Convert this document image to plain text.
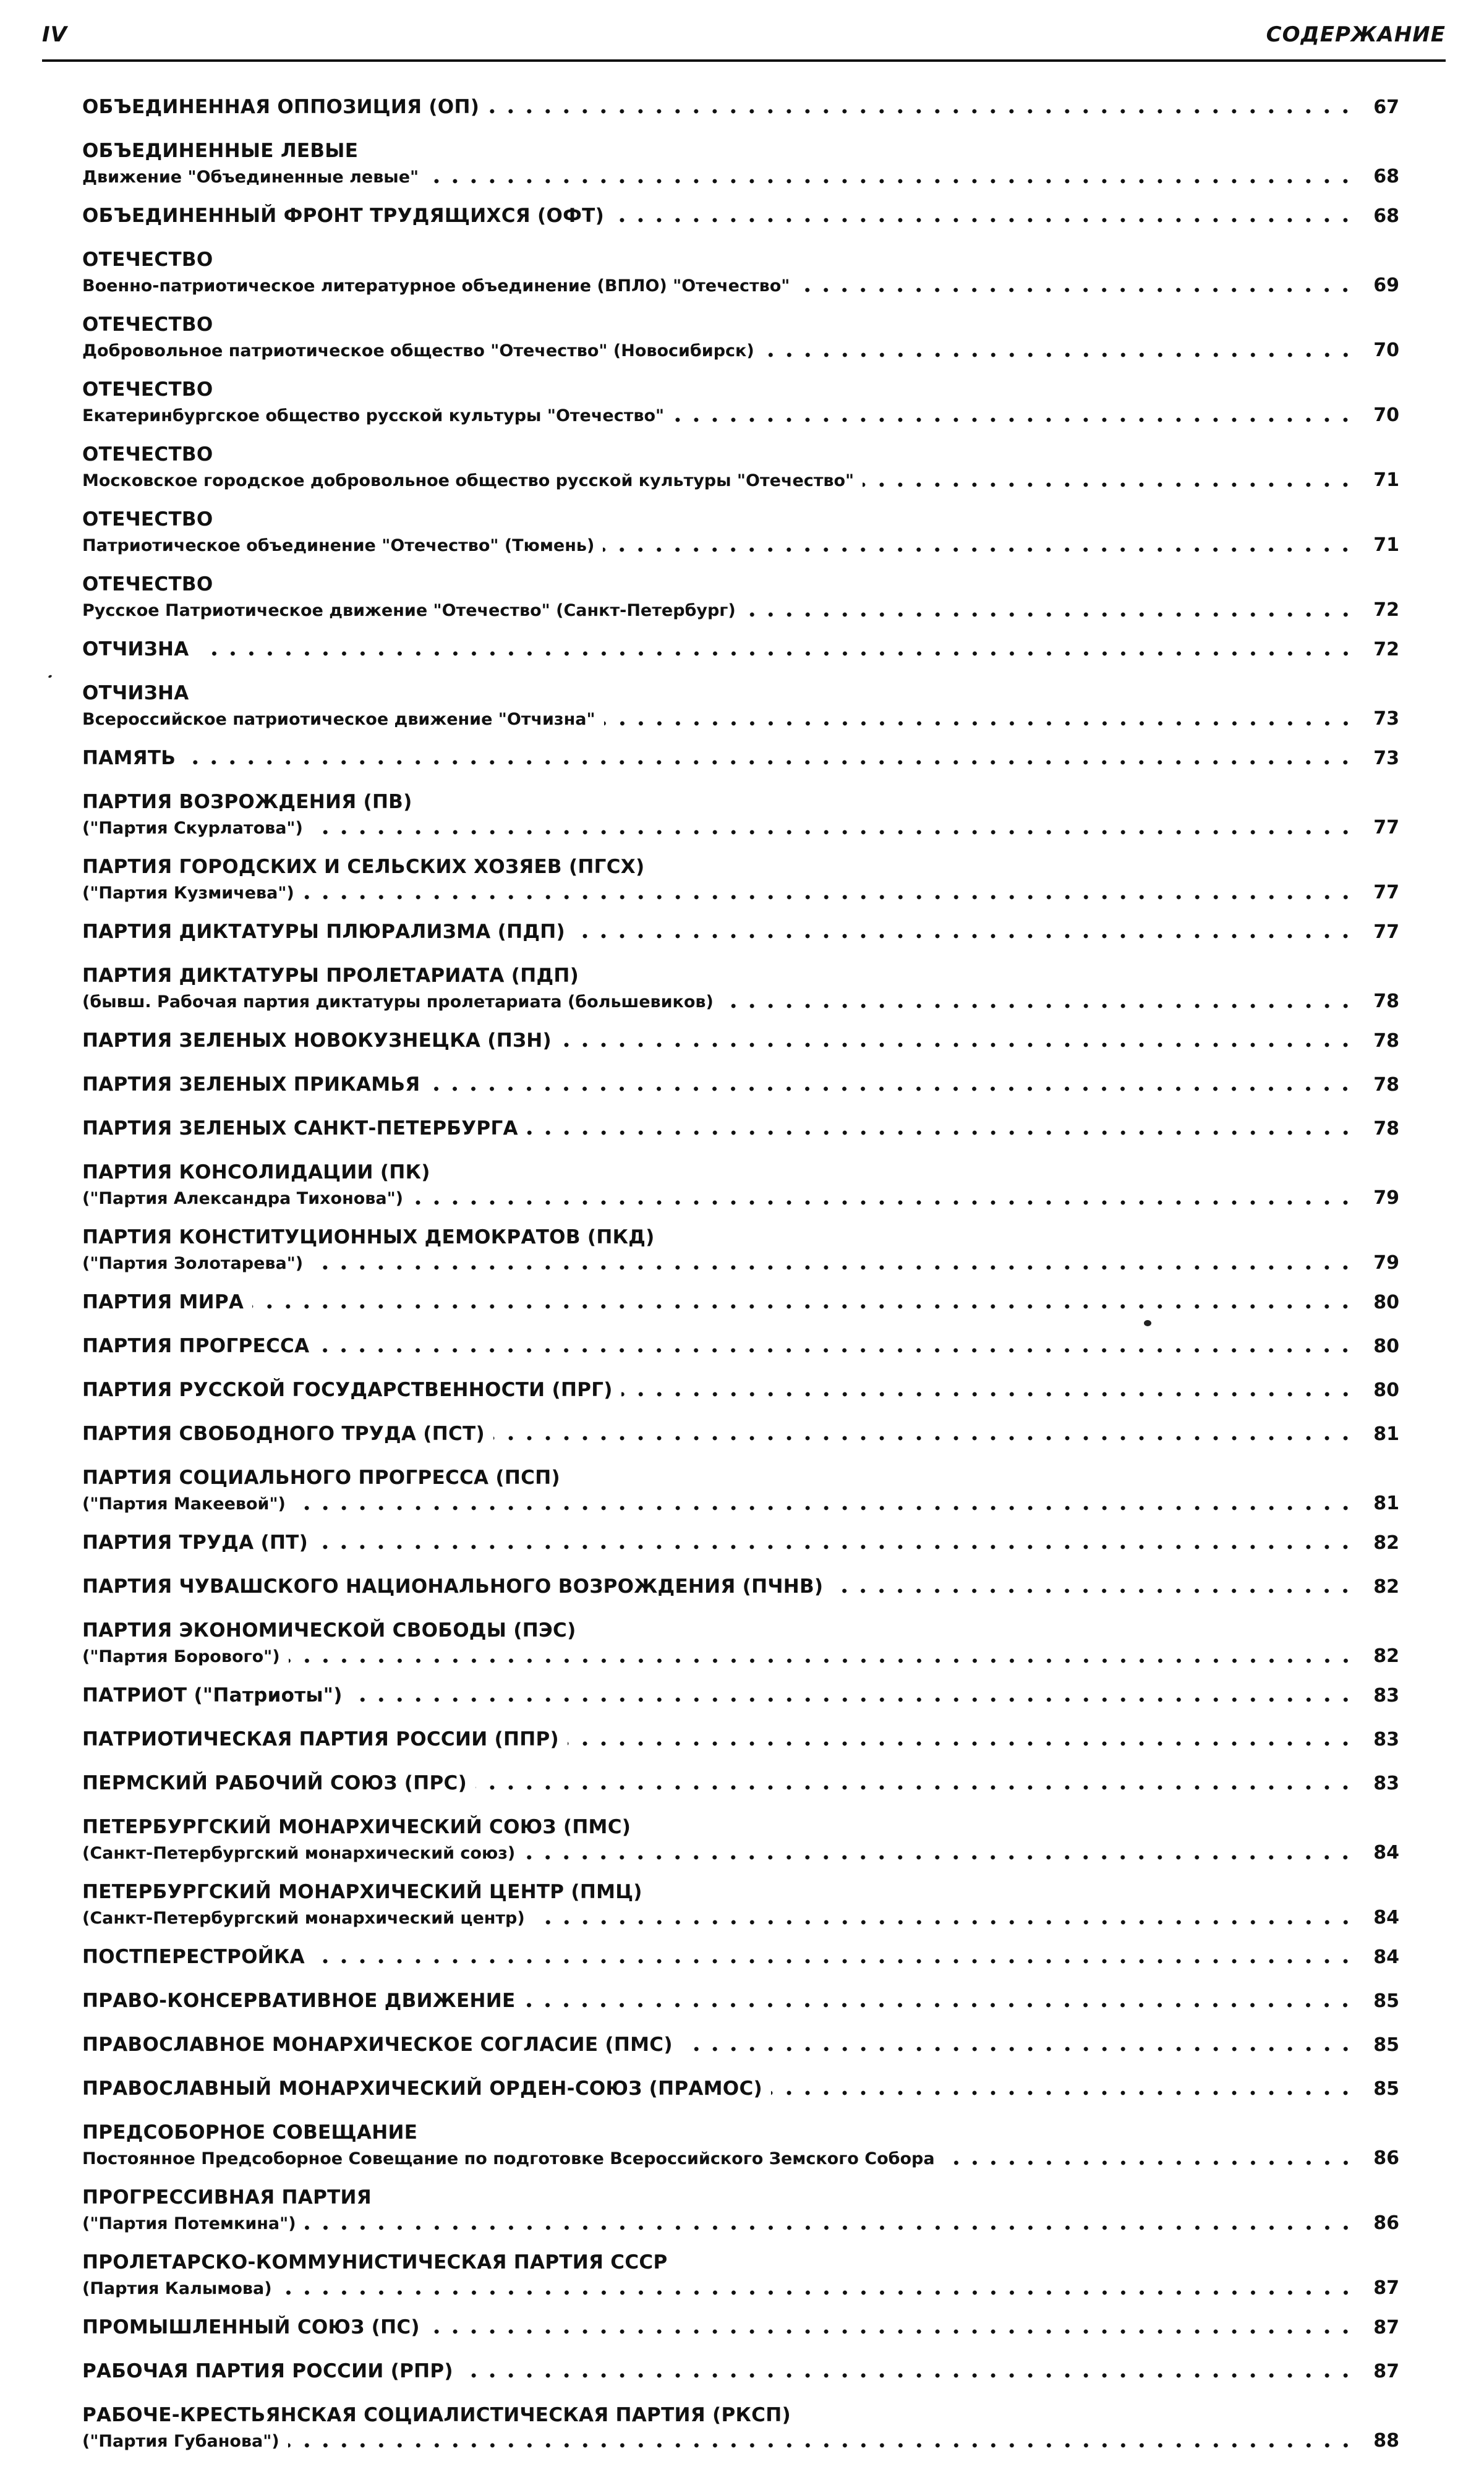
IV	СОДЕРЖАНИЕ
ОБЪЕДИНЕННАЯ ОППОЗИЦИЯ (ОП)	67
ОБЪЕДИНЕННЫЕ ЛЕВЫЕ
Движение "Объединенные левые"	68
ОБЪЕДИНЕННЫЙ ФРОНТ ТРУДЯЩИХСЯ (ОФТ)	68
ОТЕЧЕСТВО
Военно-патриотическое литературное объединение (ВПЛО) "Отечество"	69
ОТЕЧЕСТВО
Добровольное патриотическое общество "Отечество" (Новосибирск)	70
ОТЕЧЕСТВО
Екатеринбургское общество русской культуры "Отечество"	70
ОТЕЧЕСТВО
Московское городское добровольное общество русской культуры "Отечество"	71
ОТЕЧЕСТВО
Патриотическое объединение "Отечество" (Тюмень)	71
ОТЕЧЕСТВО
Русское Патриотическое движение "Отечество" (Санкт-Петербург)	72
ОТЧИЗНА	72
ОТЧИЗНА
Всероссийское патриотическое движение "Отчизна"	73
ПАМЯТЬ	73
ПАРТИЯ ВОЗРОЖДЕНИЯ (ПВ)
("Партия Скурлатова")	77
ПАРТИЯ ГОРОДСКИХ И СЕЛЬСКИХ ХОЗЯЕВ (ПГСХ)
("Партия Кузмичева")	77
ПАРТИЯ ДИКТАТУРЫ ПЛЮРАЛИЗМА (ПДП)	77
ПАРТИЯ ДИКТАТУРЫ ПРОЛЕТАРИАТА (ПДП)
(бывш. Рабочая партия диктатуры пролетариата (большевиков)	78
ПАРТИЯ ЗЕЛЕНЫХ НОВОКУЗНЕЦКА (ПЗН)	78
ПАРТИЯ ЗЕЛЕНЫХ ПРИКАМЬЯ	78
ПАРТИЯ ЗЕЛЕНЫХ САНКТ-ПЕТЕРБУРГА	78
ПАРТИЯ КОНСОЛИДАЦИИ (ПК)
("Партия Александра Тихонова")	79
ПАРТИЯ КОНСТИТУЦИОННЫХ ДЕМОКРАТОВ (ПКД)
("Партия Золотарева")	79
ПАРТИЯ МИРА	80
ПАРТИЯ ПРОГРЕССА	80
ПАРТИЯ РУССКОЙ ГОСУДАРСТВЕННОСТИ (ПРГ)	80
ПАРТИЯ СВОБОДНОГО ТРУДА (ПСТ)	81
ПАРТИЯ СОЦИАЛЬНОГО ПРОГРЕССА (ПСП)
("Партия Макеевой")	81
ПАРТИЯ ТРУДА (ПТ)	82
ПАРТИЯ ЧУВАШСКОГО НАЦИОНАЛЬНОГО ВОЗРОЖДЕНИЯ (ПЧНВ)	82
ПАРТИЯ ЭКОНОМИЧЕСКОЙ СВОБОДЫ (ПЭС)
("Партия Борового")	82
ПАТРИОТ ("Патриоты")	83
ПАТРИОТИЧЕСКАЯ ПАРТИЯ РОССИИ (ППР)	83
ПЕРМСКИЙ РАБОЧИЙ СОЮЗ (ПРС)	83
ПЕТЕРБУРГСКИЙ МОНАРХИЧЕСКИЙ СОЮЗ (ПМС)
(Санкт-Петербургский монархический союз)	84
ПЕТЕРБУРГСКИЙ МОНАРХИЧЕСКИЙ ЦЕНТР (ПМЦ)
(Санкт-Петербургский монархический центр)	84
ПОСТПЕРЕСТРОЙКА	84
ПРАВО-КОНСЕРВАТИВНОЕ ДВИЖЕНИЕ	85
ПРАВОСЛАВНОЕ МОНАРХИЧЕСКОЕ СОГЛАСИЕ (ПМС)	85
ПРАВОСЛАВНЫЙ МОНАРХИЧЕСКИЙ ОРДЕН-СОЮЗ (ПРАМОС)	85
ПРЕДСОБОРНОЕ СОВЕЩАНИЕ
Постоянное Предсоборное Совещание по подготовке Всероссийского Земского Собора	86
ПРОГРЕССИВНАЯ ПАРТИЯ
("Партия Потемкина")	86
ПРОЛЕТАРСКО-КОММУНИСТИЧЕСКАЯ ПАРТИЯ СССР
(Партия Калымова)	87
ПРОМЫШЛЕННЫЙ СОЮЗ (ПС)	87
РАБОЧАЯ ПАРТИЯ РОССИИ (РПР)	87
РАБОЧЕ-КРЕСТЬЯНСКАЯ СОЦИАЛИСТИЧЕСКАЯ ПАРТИЯ (РКСП)
("Партия Губанова")	88
